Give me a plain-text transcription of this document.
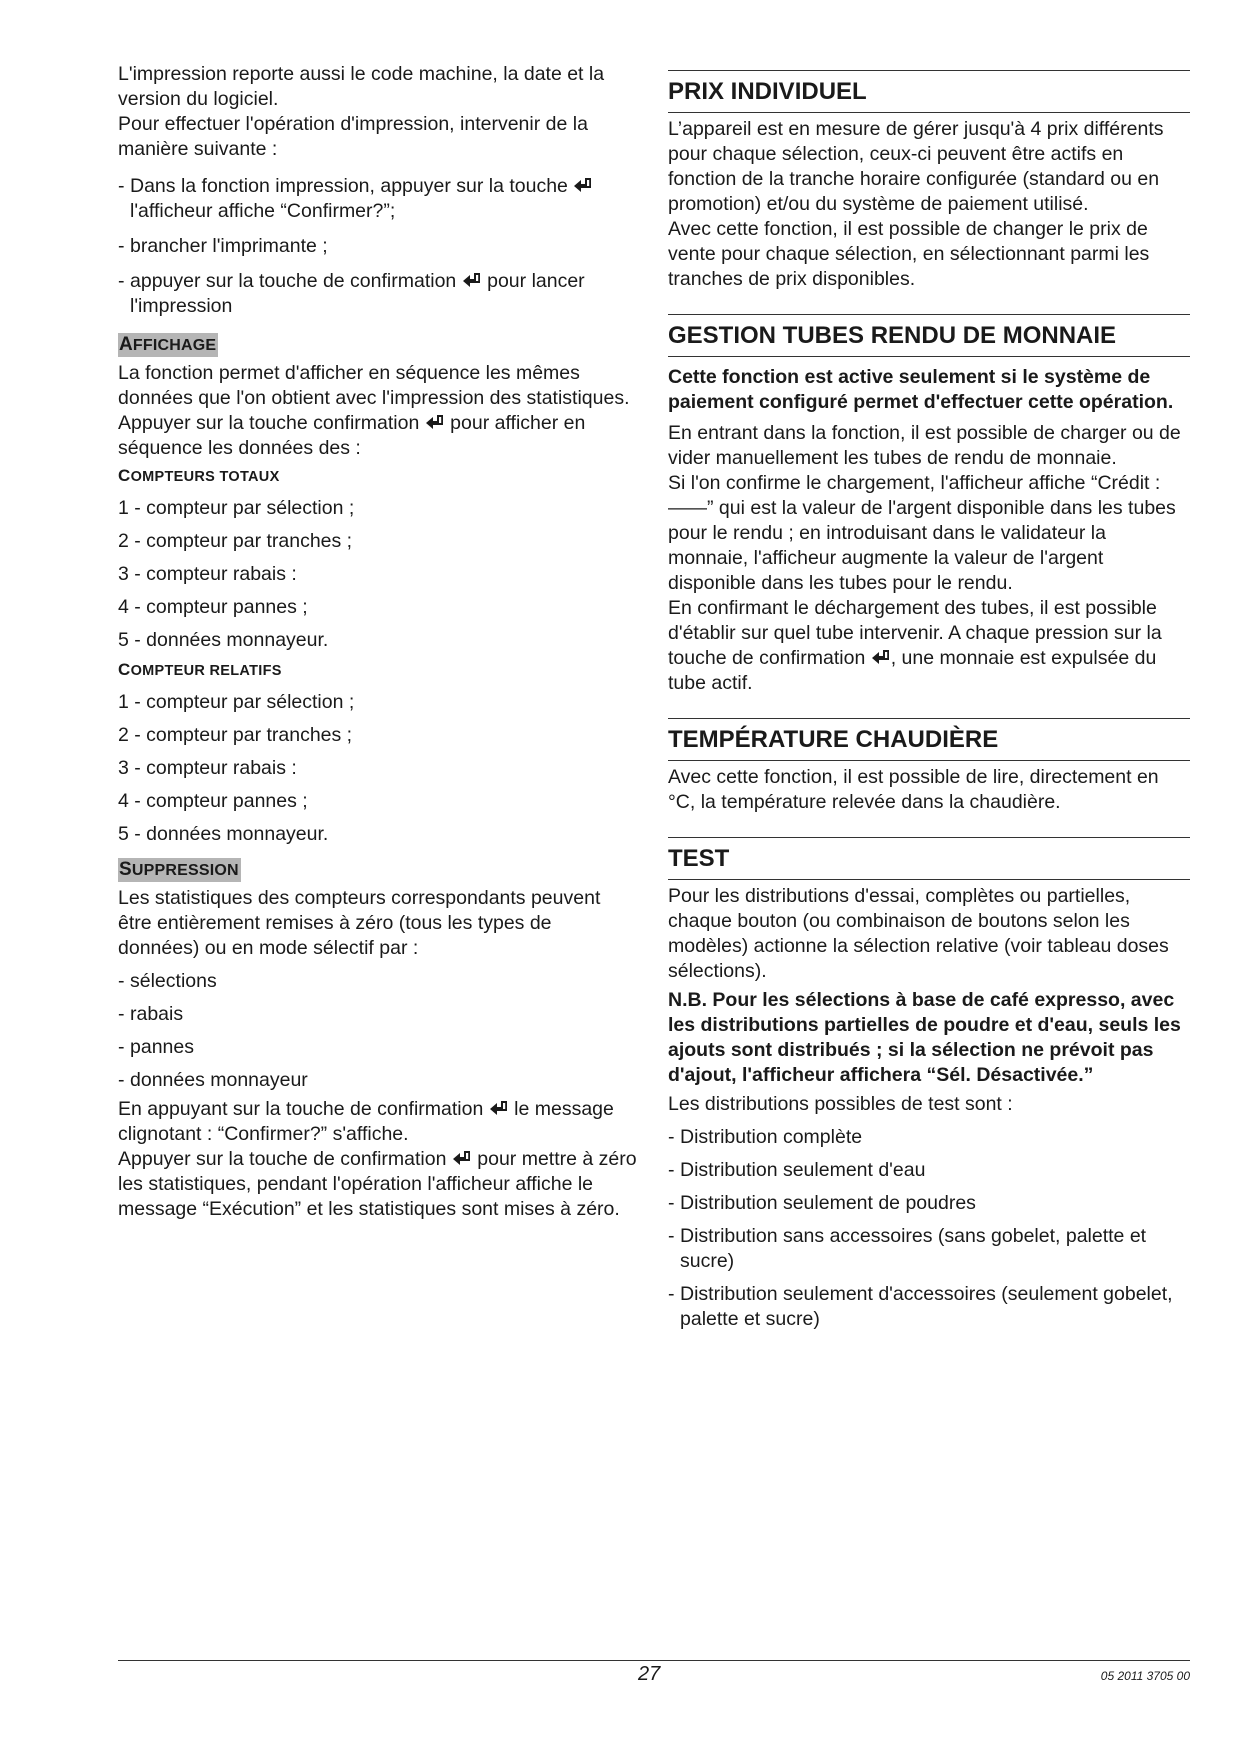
L'impression reporte aussi le code machine, la date et la version du logiciel.

Pour effectuer l'opération d'impression, intervenir de la manière suivante :

- Dans la fonction impression, appuyer sur la touche  l'afficheur affiche “Confirmer?”;
- brancher l'imprimante ;
- appuyer sur la touche de confirmation  pour lancer l'impression
AFFICHAGE

La fonction permet d'afficher en séquence les mêmes données que l'on obtient avec l'impression des statistiques.

Appuyer sur la touche confirmation  pour afficher en séquence les données des :

COMPTEURS TOTAUX

1 - compteur par sélection ;

2 - compteur par tranches ;

3 - compteur rabais :

4 - compteur pannes ;

5 - données monnayeur.

COMPTEUR RELATIFS

1 - compteur par sélection ;

2 - compteur par tranches ;

3 - compteur rabais :

4 - compteur pannes ;

5 - données monnayeur.

SUPPRESSION

Les statistiques des compteurs correspondants peuvent être entièrement remises à zéro (tous les types de données) ou en mode sélectif par :

- sélections
- rabais
- pannes
- données monnayeur

En appuyant sur la touche de confirmation  le message clignotant : “Confirmer?” s'affiche.

Appuyer sur la touche de confirmation  pour mettre à zéro les statistiques, pendant l'opération l'afficheur affiche le message “Exécution” et les statistiques sont mises à zéro.

PRIX INDIVIDUEL

L’appareil est en mesure de gérer jusqu'à 4 prix différents pour chaque sélection, ceux-ci peuvent être actifs en fonction de la tranche horaire configurée (standard ou en promotion) et/ou du système de paiement utilisé.

Avec cette fonction, il est possible de changer le prix de vente pour chaque sélection, en sélectionnant parmi les tranches de prix disponibles.

GESTION TUBES RENDU DE MONNAIE

Cette fonction est active seulement si le système de paiement configuré permet d'effectuer cette opération.

En entrant dans la fonction, il est possible de charger ou de vider manuellement les tubes de rendu de monnaie.

Si l'on confirme le chargement, l'afficheur affiche “Crédit : ——” qui est la valeur de l'argent disponible dans les tubes pour le rendu ; en introduisant dans le validateur la monnaie, l'afficheur augmente la valeur de l'argent disponible dans les tubes pour le rendu.

En confirmant le déchargement des tubes, il est possible d'établir sur quel tube intervenir. A chaque pression sur la touche de confirmation , une monnaie est expulsée du tube actif.

TEMPÉRATURE CHAUDIÈRE

Avec cette fonction, il est possible de lire, directement en °C, la température relevée dans la chaudière.

TEST

Pour les distributions d'essai, complètes ou partielles, chaque bouton (ou combinaison de boutons selon les modèles) actionne la sélection relative (voir tableau doses sélections).

N.B. Pour les sélections à base de café expresso, avec les distributions partielles de poudre et d'eau, seuls les ajouts sont distribués ; si la sélection ne prévoit pas d'ajout, l'afficheur affichera “Sél. Désactivée.”

Les distributions possibles de test sont :

- Distribution complète
- Distribution seulement d'eau
- Distribution seulement de poudres
- Distribution sans accessoires (sans gobelet, palette et sucre)
- Distribution seulement d'accessoires (seulement gobelet, palette et sucre)
27	05 2011 3705 00
